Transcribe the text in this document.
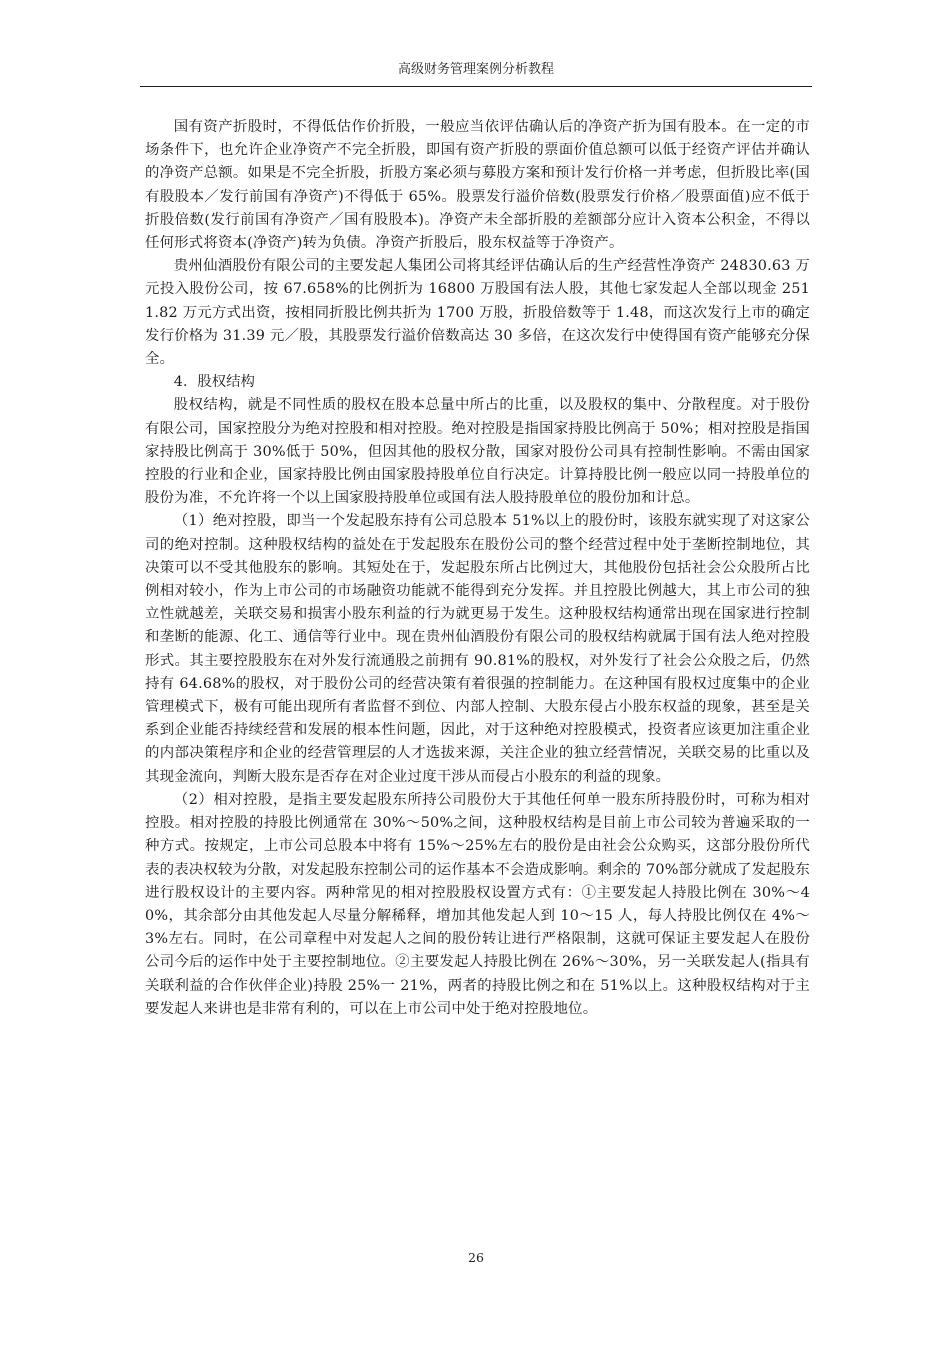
高级财务管理案例分析教程

国有资产折股时，不得低估作价折股，一般应当依评估确认后的净资产折为国有股本。在一定的市场条件下，也允许企业净资产不完全折股，即国有资产折股的票面价值总额可以低于经资产评估并确认的净资产总额。如果是不完全折股，折股方案必须与募股方案和预计发行价格一并考虑，但折股比率(国有股股本／发行前国有净资产)不得低于 65%。股票发行溢价倍数(股票发行价格／股票面值)应不低于折股倍数(发行前国有净资产／国有股股本)。净资产未全部折股的差额部分应计入资本公积金，不得以任何形式将资本(净资产)转为负债。净资产折股后，股东权益等于净资产。

贵州仙酒股份有限公司的主要发起人集团公司将其经评估确认后的生产经营性净资产 24830.63 万元投入股份公司，按 67.658%的比例折为 16800 万股国有法人股，其他七家发起人全部以现金 2511.82 万元方式出资，按相同折股比例共折为 1700 万股，折股倍数等于 1.48，而这次发行上市的确定发行价格为 31.39 元／股，其股票发行溢价倍数高达 30 多倍，在这次发行中使得国有资产能够充分保全。

4．股权结构

股权结构，就是不同性质的股权在股本总量中所占的比重，以及股权的集中、分散程度。对于股份有限公司，国家控股分为绝对控股和相对控股。绝对控股是指国家持股比例高于 50%；相对控股是指国家持股比例高于 30%低于 50%，但因其他的股权分散，国家对股份公司具有控制性影响。不需由国家控股的行业和企业，国家持股比例由国家股持股单位自行决定。计算持股比例一般应以同一持股单位的股份为准，不允许将一个以上国家股持股单位或国有法人股持股单位的股份加和计总。

（1）绝对控股，即当一个发起股东持有公司总股本 51%以上的股份时，该股东就实现了对这家公司的绝对控制。这种股权结构的益处在于发起股东在股份公司的整个经营过程中处于垄断控制地位，其决策可以不受其他股东的影响。其短处在于，发起股东所占比例过大，其他股份包括社会公众股所占比例相对较小，作为上市公司的市场融资功能就不能得到充分发挥。并且控股比例越大，其上市公司的独立性就越差，关联交易和损害小股东利益的行为就更易于发生。这种股权结构通常出现在国家进行控制和垄断的能源、化工、通信等行业中。现在贵州仙酒股份有限公司的股权结构就属于国有法人绝对控股形式。其主要控股股东在对外发行流通股之前拥有 90.81%的股权，对外发行了社会公众股之后，仍然持有 64.68%的股权，对于股份公司的经营决策有着很强的控制能力。在这种国有股权过度集中的企业管理模式下，极有可能出现所有者监督不到位、内部人控制、大股东侵占小股东权益的现象，甚至是关系到企业能否持续经营和发展的根本性问题，因此，对于这种绝对控股模式，投资者应该更加注重企业的内部决策程序和企业的经营管理层的人才选拔来源，关注企业的独立经营情况，关联交易的比重以及其现金流向，判断大股东是否存在对企业过度干涉从而侵占小股东的利益的现象。

（2）相对控股，是指主要发起股东所持公司股份大于其他任何单一股东所持股份时，可称为相对控股。相对控股的持股比例通常在 30%～50%之间，这种股权结构是目前上市公司较为普遍采取的一种方式。按规定，上市公司总股本中将有 15%～25%左右的股份是由社会公众购买，这部分股份所代表的表决权较为分散，对发起股东控制公司的运作基本不会造成影响。剩余的 70%部分就成了发起股东进行股权设计的主要内容。两种常见的相对控股股权设置方式有：①主要发起人持股比例在 30%～40%，其余部分由其他发起人尽量分解稀释，增加其他发起人到 10～15 人，每人持股比例仅在 4%～3%左右。同时，在公司章程中对发起人之间的股份转让进行严格限制，这就可保证主要发起人在股份公司今后的运作中处于主要控制地位。②主要发起人持股比例在 26%～30%，另一关联发起人(指具有关联利益的合作伙伴企业)持股 25%一 21%，两者的持股比例之和在 51%以上。这种股权结构对于主要发起人来讲也是非常有利的，可以在上市公司中处于绝对控股地位。

26
